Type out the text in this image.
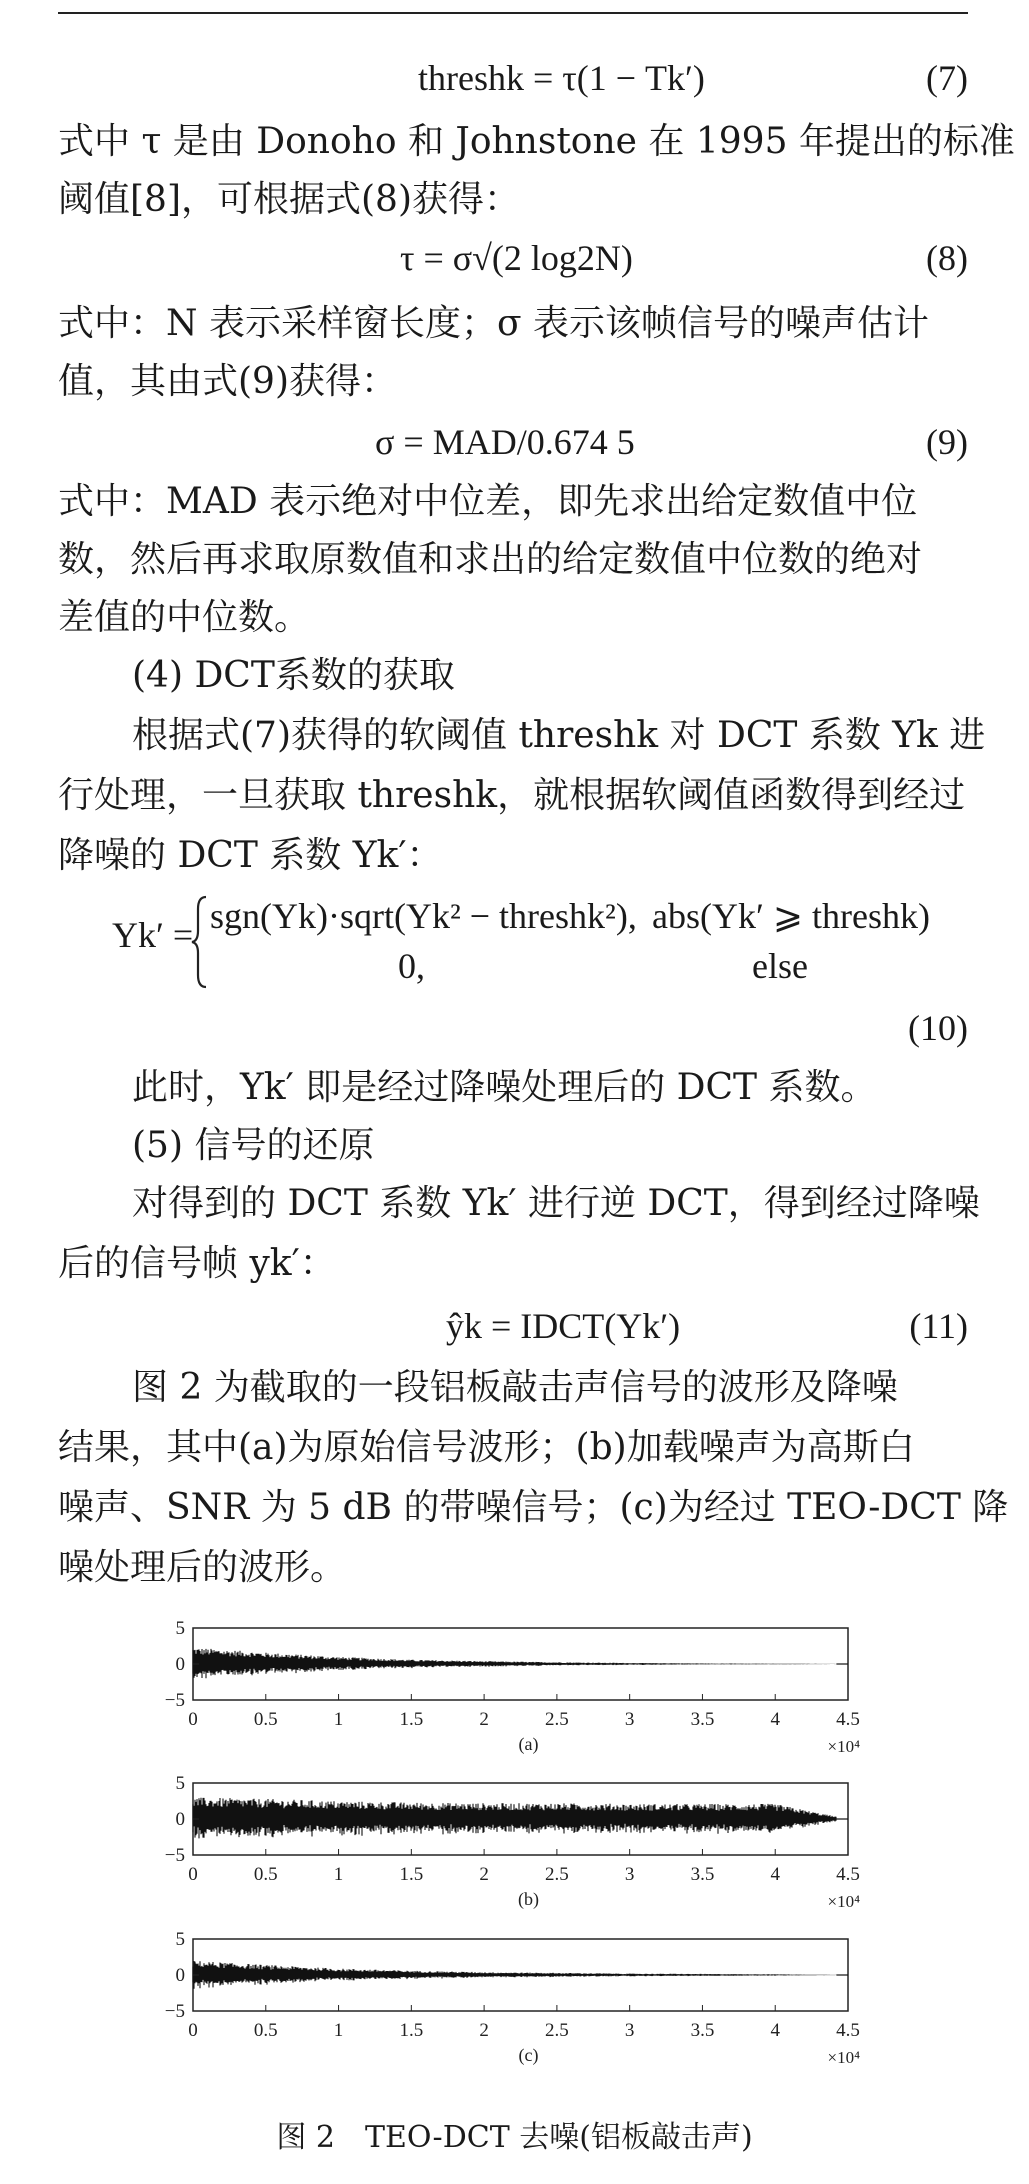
threshk = τ(1 − Tk′)	(7)
式中 τ 是由 Donoho 和 Johnstone 在 1995 年提出的标准
阈值[8]，可根据式(8)获得：
τ = σ√(2 log2N)	(8)
式中：N 表示采样窗长度；σ 表示该帧信号的噪声估计
值，其由式(9)获得：
σ = MAD/0.674 5	(9)
式中：MAD 表示绝对中位差，即先求出给定数值中位
数，然后再求取原数值和求出的给定数值中位数的绝对
差值的中位数。
(4) DCT系数的获取
根据式(7)获得的软阈值 threshk 对 DCT 系数 Yk 进
行处理，一旦获取 threshk，就根据软阈值函数得到经过
降噪的 DCT 系数 Yk′：
Yk′ = sgn(Yk)·sqrt(Yk² − threshk²), abs(Yk′ ⩾ threshk)
0,	else
(10)
此时，Yk′ 即是经过降噪处理后的 DCT 系数。
(5) 信号的还原
对得到的 DCT 系数 Yk′ 进行逆 DCT，得到经过降噪
后的信号帧 yk′：
ŷk = IDCT(Yk′)	(11)
图 2 为截取的一段铝板敲击声信号的波形及降噪
结果，其中(a)为原始信号波形；(b)加载噪声为高斯白
噪声、SNR 为 5 dB 的带噪信号；(c)为经过 TEO-DCT 降
噪处理后的波形。
5
0
−5
0	0.5	1	1.5	2	2.5	3	3.5	4	4.5
(a)	×10⁴
5
0
−5
0	0.5	1	1.5	2	2.5	3	3.5	4	4.5
(b)	×10⁴
5
0
−5
0	0.5	1	1.5	2	2.5	3	3.5	4	4.5
(c)	×10⁴
图 2　TEO-DCT 去噪(铝板敲击声)
